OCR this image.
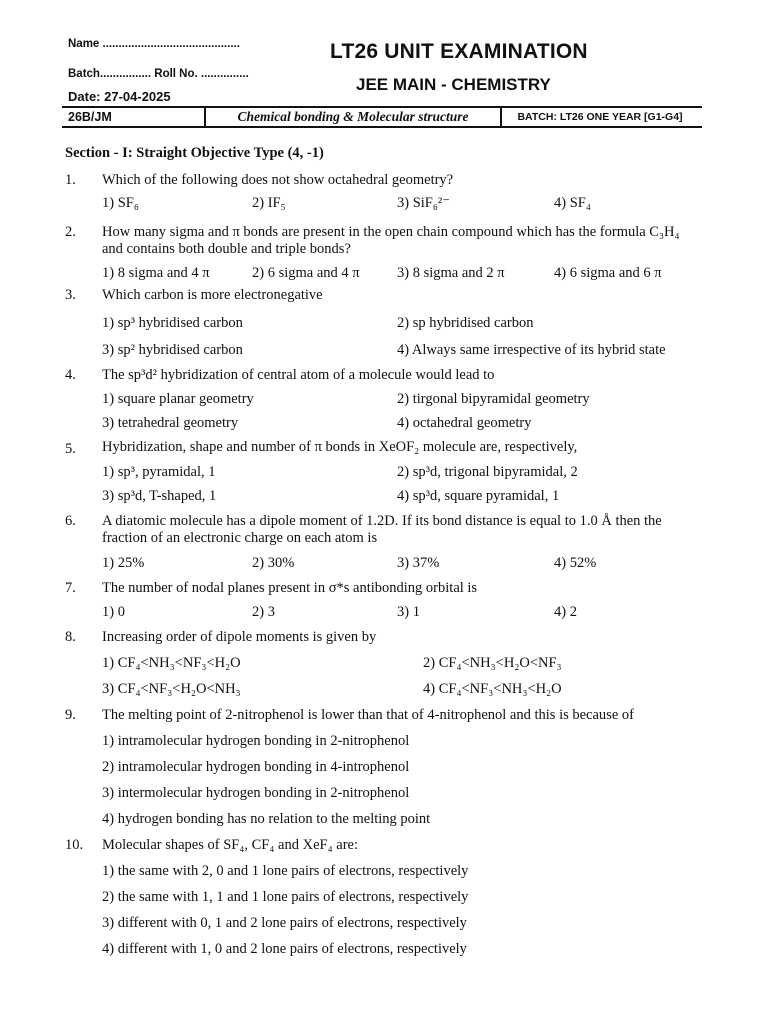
Name ...........................................
Batch................ Roll No. ...............
Date: 27-04-2025
LT26 UNIT EXAMINATION
JEE MAIN - CHEMISTRY
26B/JM	Chemical bonding & Molecular structure	BATCH: LT26 ONE YEAR [G1-G4]
Section - I: Straight Objective Type (4, -1)
1. Which of the following does not show octahedral geometry?
1) SF₆	2) IF₅	3) SiF₆²⁻	4) SF₄
2. How many sigma and π bonds are present in the open chain compound which has the formula C₃H₄
and contains both double and triple bonds?
1) 8 sigma and 4 π	2) 6 sigma and 4 π	3) 8 sigma and 2 π	4) 6 sigma and 6 π
3. Which carbon is more electronegative
1) sp³ hybridised carbon	2) sp hybridised carbon
3) sp² hybridised carbon	4) Always same irrespective of its hybrid state
4. The sp³d² hybridization of central atom of a molecule would lead to
1) square planar geometry	2) tirgonal bipyramidal geometry
3) tetrahedral geometry	4) octahedral geometry
5. Hybridization, shape and number of π bonds in XeOF₂ molecule are, respectively,
1) sp³, pyramidal, 1	2) sp³d, trigonal bipyramidal, 2
3) sp³d, T-shaped, 1	4) sp³d, square pyramidal, 1
6. A diatomic molecule has a dipole moment of 1.2D. If its bond distance is equal to 1.0 Å then the
fraction of an electronic charge on each atom is
1) 25%	2) 30%	3) 37%	4) 52%
7. The number of nodal planes present in σ*s antibonding orbital is
1) 0	2) 3	3) 1	4) 2
8. Increasing order of dipole moments is given by
1) CF₄<NH₃<NF₃<H₂O	2) CF₄<NH₃<H₂O<NF₃
3) CF₄<NF₃<H₂O<NH₃	4) CF₄<NF₃<NH₃<H₂O
9. The melting point of 2-nitrophenol is lower than that of 4-nitrophenol and this is because of
1) intramolecular hydrogen bonding in 2-nitrophenol
2) intramolecular hydrogen bonding in 4-introphenol
3) intermolecular hydrogen bonding in 2-nitrophenol
4) hydrogen bonding has no relation to the melting point
10. Molecular shapes of SF₄, CF₄ and XeF₄ are:
1) the same with 2, 0 and 1 lone pairs of electrons, respectively
2) the same with 1, 1 and 1 lone pairs of electrons, respectively
3) different with 0, 1 and 2 lone pairs of electrons, respectively
4) different with 1, 0 and 2 lone pairs of electrons, respectively
